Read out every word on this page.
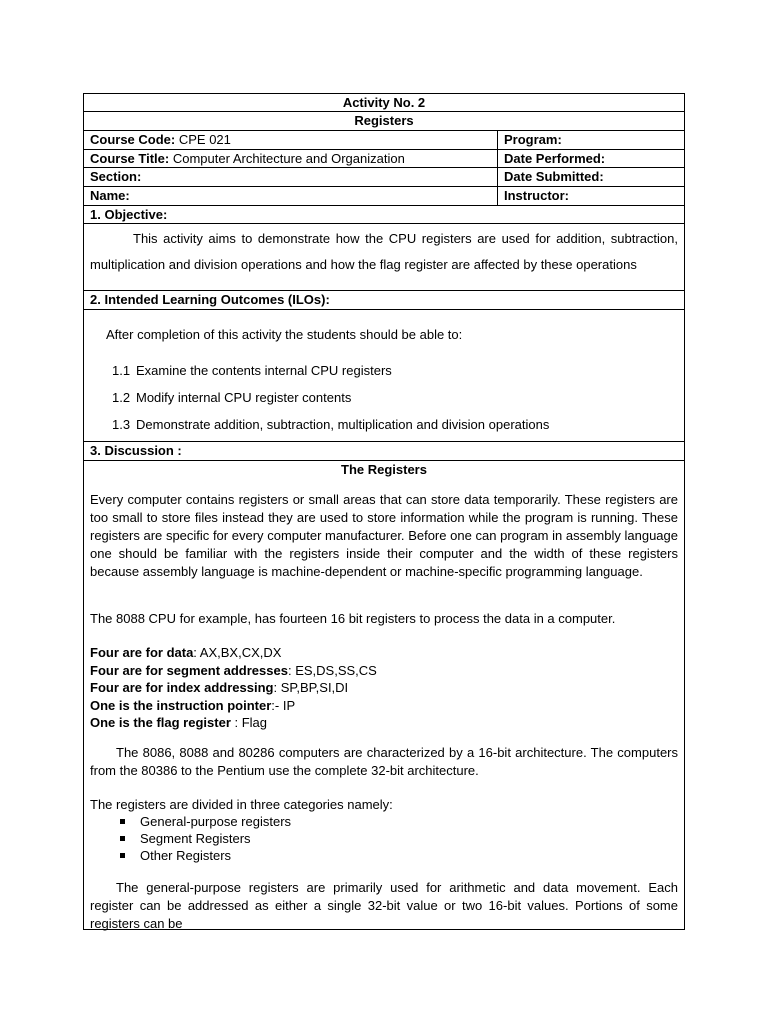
Activity No. 2
Registers
Course Code: CPE 021	Program:
Course Title: Computer Architecture and Organization	Date Performed:
Section:	Date Submitted:
Name:	Instructor:
1. Objective:
This activity aims to demonstrate how the CPU registers are used for addition, subtraction, multiplication and division operations and how the flag register are affected by these operations
2. Intended Learning Outcomes (ILOs):
After completion of this activity the students should be able to:
1.1 Examine the contents internal CPU registers
1.2 Modify internal CPU register contents
1.3 Demonstrate addition, subtraction, multiplication and division operations
3. Discussion :
The Registers
Every computer contains registers or small areas that can store data temporarily. These registers are too small to store files instead they are used to store information while the program is running. These registers are specific for every computer manufacturer. Before one can program in assembly language one should be familiar with the registers inside their computer and the width of these registers because assembly language is machine-dependent or machine-specific programming language.
The 8088 CPU for example, has fourteen 16 bit registers to process the data in a computer.
Four are for data: AX,BX,CX,DX
Four are for segment addresses: ES,DS,SS,CS
Four are for index addressing: SP,BP,SI,DI
One is the instruction pointer:- IP
One is the flag register : Flag
The 8086, 8088 and 80286 computers are characterized by a 16-bit architecture. The computers from the 80386 to the Pentium use the complete 32-bit architecture.
The registers are divided in three categories namely:
General-purpose registers
Segment Registers
Other Registers
The general-purpose registers are primarily used for arithmetic and data movement. Each register can be addressed as either a single 32-bit value or two 16-bit values. Portions of some registers can be
